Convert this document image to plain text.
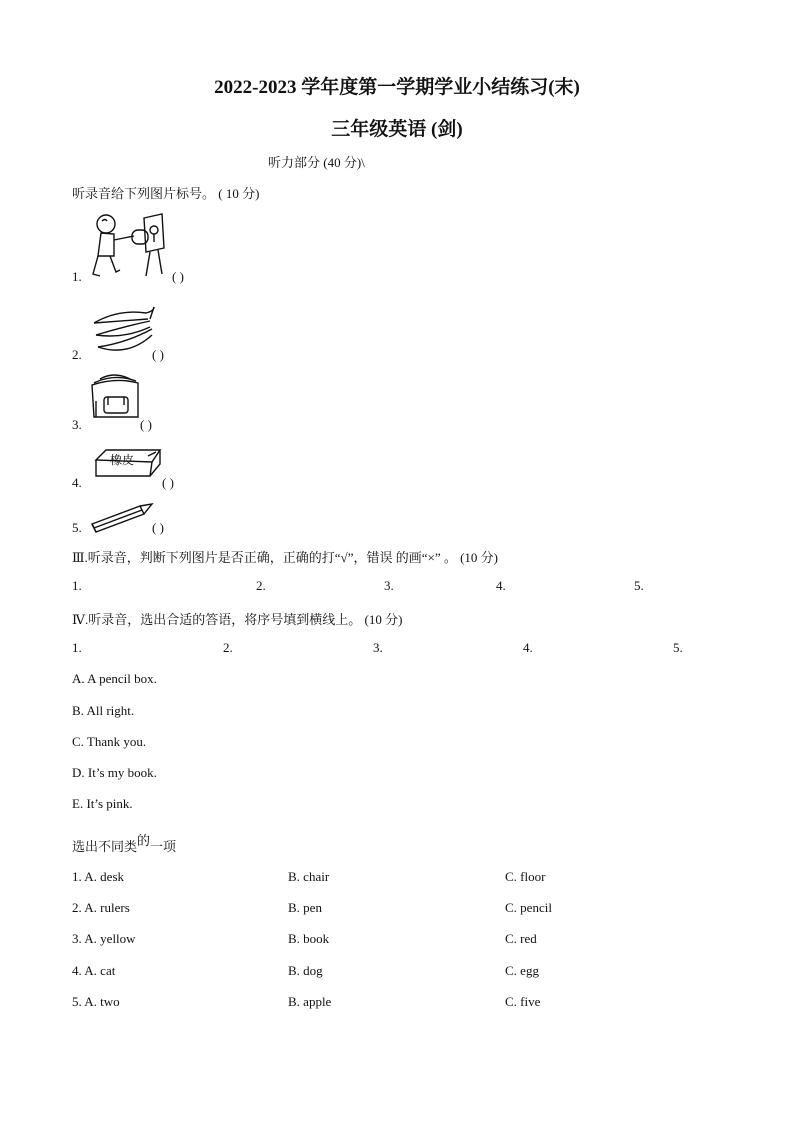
2022-2023 学年度第一学期学业小结练习(末)
三年级英语 (剑)
听力部分 (40 分)\
听录音给下列图片标号。 ( 10 分)
1.	( )
2.	( )
3.	( )
4.
橡皮
( )
5.	( )
Ⅲ.听录音，判断下列图片是否正确，正确的打“√”，错误 的画“×” 。 (10 分)
1.	2.	3.	4.	5.
Ⅳ.听录音，选出合适的答语，将序号填到横线上。 (10 分)
1.	2.	3.	4.	5.
A. A pencil box.
B. All right.
C. Thank you.
D. It’s my book.
E. It’s pink.
选出不同类的一项
1. A. desk	B. chair	C. floor
2. A. rulers	B. pen	C. pencil
3. A. yellow	B. book	C. red
4. A. cat	B. dog	C. egg
5. A. two	B. apple	C. five
